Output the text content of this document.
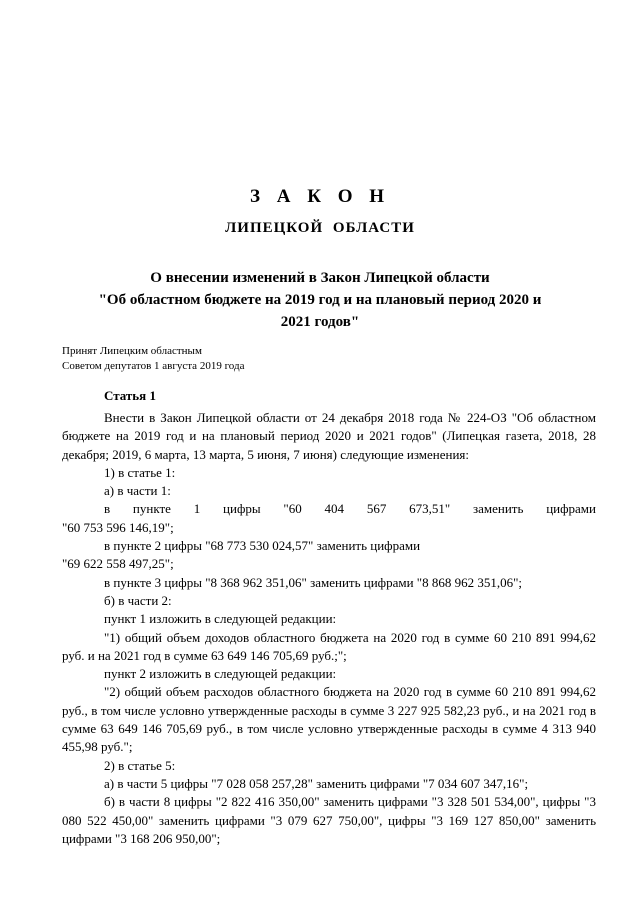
З А К О Н
ЛИПЕЦКОЙ ОБЛАСТИ
О внесении изменений в Закон Липецкой области
"Об областном бюджете на 2019 год и на плановый период 2020 и
2021 годов"
Принят Липецким областным
Советом депутатов 1 августа 2019 года
Статья 1

Внести в Закон Липецкой области от 24 декабря 2018 года № 224-ОЗ "Об областном бюджете на 2019 год и на плановый период 2020 и 2021 годов" (Липецкая газета, 2018, 28 декабря; 2019, 6 марта, 13 марта, 5 июня, 7 июня) следующие изменения:

1) в статье 1:

а) в части 1:

в пункте 1 цифры "60 404 567 673,51" заменить цифрами

"60 753 596 146,19";

в пункте 2 цифры "68 773 530 024,57" заменить цифрами

"69 622 558 497,25";

в пункте 3 цифры "8 368 962 351,06" заменить цифрами "8 868 962 351,06";

б) в части 2:

пункт 1 изложить в следующей редакции:

"1) общий объем доходов областного бюджета на 2020 год в сумме 60 210 891 994,62 руб. и на 2021 год в сумме 63 649 146 705,69 руб.;";

пункт 2 изложить в следующей редакции:

"2) общий объем расходов областного бюджета на 2020 год в сумме 60 210 891 994,62 руб., в том числе условно утвержденные расходы в сумме 3 227 925 582,23 руб., и на 2021 год в сумме 63 649 146 705,69 руб., в том числе условно утвержденные расходы в сумме 4 313 940 455,98 руб.";

2) в статье 5:

а) в части 5 цифры "7 028 058 257,28" заменить цифрами "7 034 607 347,16";

б) в части 8 цифры "2 822 416 350,00" заменить цифрами "3 328 501 534,00", цифры "3 080 522 450,00" заменить цифрами "3 079 627 750,00", цифры "3 169 127 850,00" заменить цифрами "3 168 206 950,00";
